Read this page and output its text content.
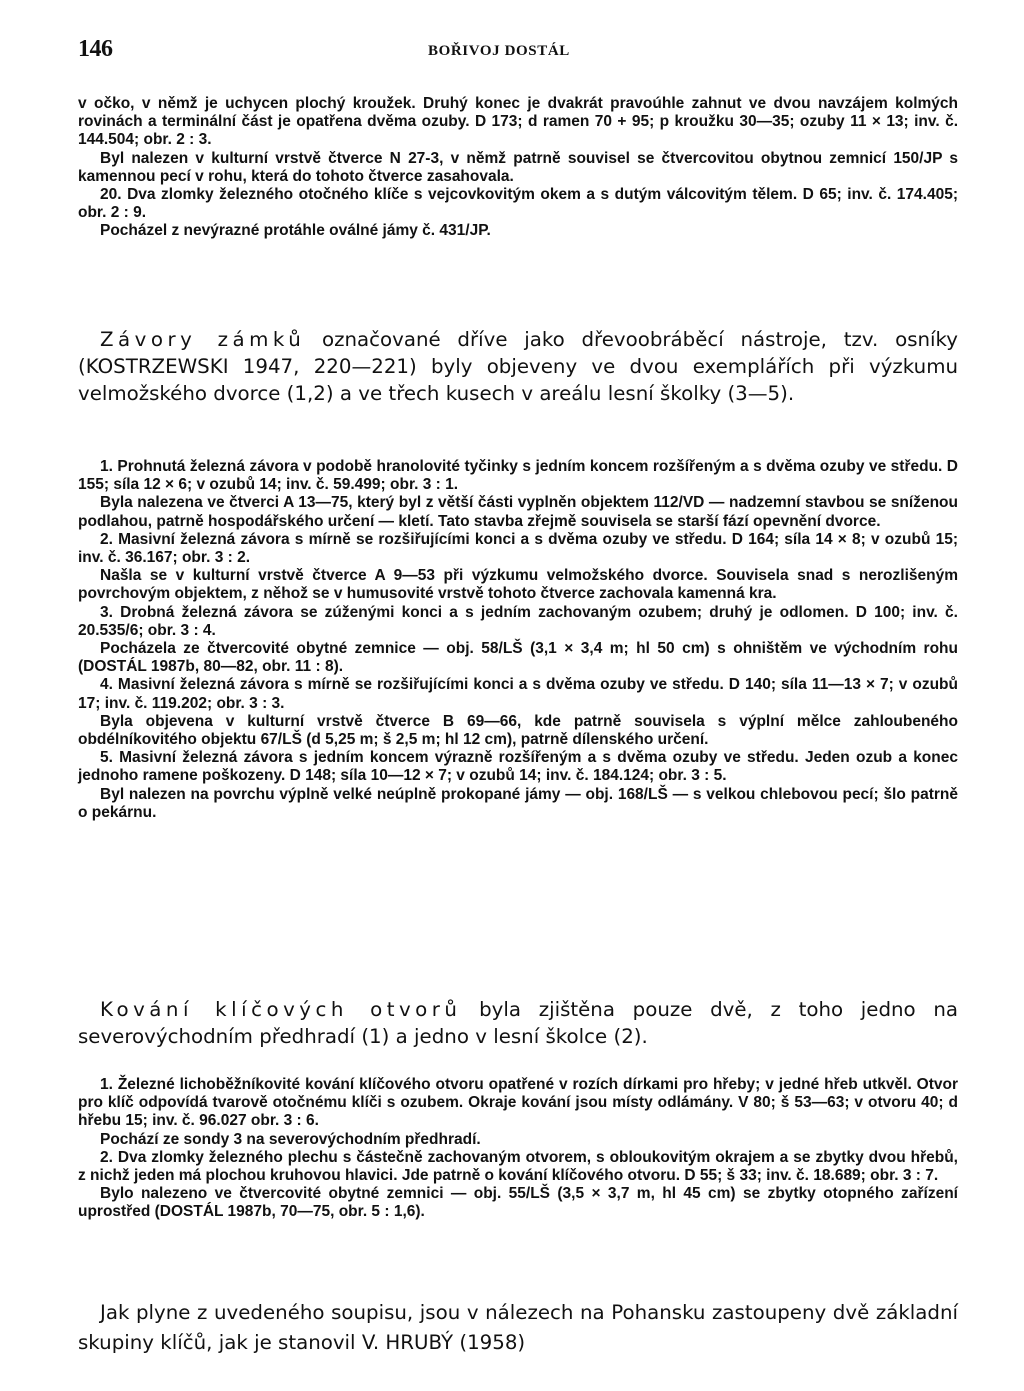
146	BOŘIVOJ DOSTÁL

v očko, v němž je uchycen plochý kroužek. Druhý konec je dvakrát pravoúhle zahnut ve dvou navzájem kolmých rovinách a terminální část je opatřena dvěma ozuby. D 173; d ramen 70 + 95; p kroužku 30—35; ozuby 11 × 13; inv. č. 144.504; obr. 2 : 3.

Byl nalezen v kulturní vrstvě čtverce N 27-3, v němž patrně souvisel se čtvercovitou obytnou zemnicí 150/JP s kamennou pecí v rohu, která do tohoto čtverce zasahovala.

20. Dva zlomky železného otočného klíče s vejcovkovitým okem a s dutým válcovitým tělem. D 65; inv. č. 174.405; obr. 2 : 9.

Pocházel z nevýrazné protáhle oválné jámy č. 431/JP.

Závory zámků označované dříve jako dřevoobráběcí nástroje, tzv. osníky (KOSTRZEWSKI 1947, 220—221) byly objeveny ve dvou exemplářích při výzkumu velmožského dvorce (1,2) a ve třech kusech v areálu lesní školky (3—5).

1. Prohnutá železná závora v podobě hranolovité tyčinky s jedním koncem rozšířeným a s dvěma ozuby ve středu. D 155; síla 12 × 6; v ozubů 14; inv. č. 59.499; obr. 3 : 1.

Byla nalezena ve čtverci A 13—75, který byl z větší části vyplněn objektem 112/VD — nadzemní stavbou se sníženou podlahou, patrně hospodářského určení — kletí. Tato stavba zřejmě souvisela se starší fází opevnění dvorce.

2. Masivní železná závora s mírně se rozšiřujícími konci a s dvěma ozuby ve středu. D 164; síla 14 × 8; v ozubů 15; inv. č. 36.167; obr. 3 : 2.

Našla se v kulturní vrstvě čtverce A 9—53 při výzkumu velmožského dvorce. Souvisela snad s nerozlišeným povrchovým objektem, z něhož se v humusovité vrstvě tohoto čtverce zachovala kamenná kra.

3. Drobná železná závora se zúženými konci a s jedním zachovaným ozubem; druhý je odlomen. D 100; inv. č. 20.535/6; obr. 3 : 4.

Pocházela ze čtvercovité obytné zemnice — obj. 58/LŠ (3,1 × 3,4 m; hl 50 cm) s ohništěm ve východním rohu (DOSTÁL 1987b, 80—82, obr. 11 : 8).

4. Masivní železná závora s mírně se rozšiřujícími konci a s dvěma ozuby ve středu. D 140; síla 11—13 × 7; v ozubů 17; inv. č. 119.202; obr. 3 : 3.

Byla objevena v kulturní vrstvě čtverce B 69—66, kde patrně souvisela s výplní mělce zahloubeného obdélníkovitého objektu 67/LŠ (d 5,25 m; š 2,5 m; hl 12 cm), patrně dílenského určení.

5. Masivní železná závora s jedním koncem výrazně rozšířeným a s dvěma ozuby ve středu. Jeden ozub a konec jednoho ramene poškozeny. D 148; síla 10—12 × 7; v ozubů 14; inv. č. 184.124; obr. 3 : 5.

Byl nalezen na povrchu výplně velké neúplně prokopané jámy — obj. 168/LŠ — s velkou chlebovou pecí; šlo patrně o pekárnu.

Kování klíčových otvorů byla zjištěna pouze dvě, z toho jedno na severovýchodním předhradí (1) a jedno v lesní školce (2).

1. Železné lichoběžníkovité kování klíčového otvoru opatřené v rozích dírkami pro hřeby; v jedné hřeb utkvěl. Otvor pro klíč odpovídá tvarově otočnému klíči s ozubem. Okraje kování jsou místy odlámány. V 80; š 53—63; v otvoru 40; d hřebu 15; inv. č. 96.027 obr. 3 : 6.

Pochází ze sondy 3 na severovýchodním předhradí.

2. Dva zlomky železného plechu s částečně zachovaným otvorem, s obloukovitým okrajem a se zbytky dvou hřebů, z nichž jeden má plochou kruhovou hlavici. Jde patrně o kování klíčového otvoru. D 55; š 33; inv. č. 18.689; obr. 3 : 7.

Bylo nalezeno ve čtvercovité obytné zemnici — obj. 55/LŠ (3,5 × 3,7 m, hl 45 cm) se zbytky otopného zařízení uprostřed (DOSTÁL 1987b, 70—75, obr. 5 : 1,6).

Jak plyne z uvedeného soupisu, jsou v nálezech na Pohansku zastoupeny dvě základní skupiny klíčů, jak je stanovil V. HRUBÝ (1958)
